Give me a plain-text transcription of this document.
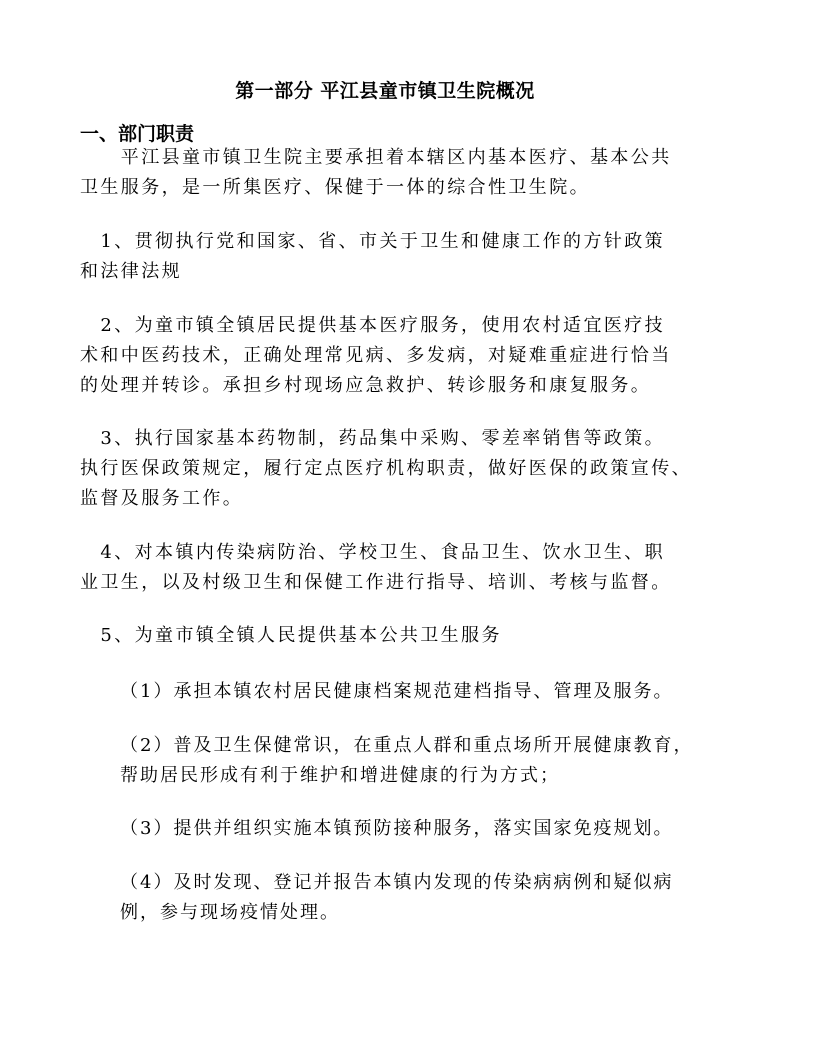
第一部分 平江县童市镇卫生院概况
一、部门职责
　　平江县童市镇卫生院主要承担着本辖区内基本医疗、基本公共
卫生服务，是一所集医疗、保健于一体的综合性卫生院。
　1、贯彻执行党和国家、省、市关于卫生和健康工作的方针政策
和法律法规
　2、为童市镇全镇居民提供基本医疗服务，使用农村适宜医疗技
术和中医药技术，正确处理常见病、多发病，对疑难重症进行恰当
的处理并转诊。承担乡村现场应急救护、转诊服务和康复服务。
　3、执行国家基本药物制，药品集中采购、零差率销售等政策。
执行医保政策规定，履行定点医疗机构职责，做好医保的政策宣传、
监督及服务工作。
　4、对本镇内传染病防治、学校卫生、食品卫生、饮水卫生、职
业卫生，以及村级卫生和保健工作进行指导、培训、考核与监督。
　5、为童市镇全镇人民提供基本公共卫生服务
（1）承担本镇农村居民健康档案规范建档指导、管理及服务。
（2）普及卫生保健常识，在重点人群和重点场所开展健康教育，
帮助居民形成有利于维护和增进健康的行为方式；
（3）提供并组织实施本镇预防接种服务，落实国家免疫规划。
（4）及时发现、登记并报告本镇内发现的传染病病例和疑似病
例，参与现场疫情处理。
